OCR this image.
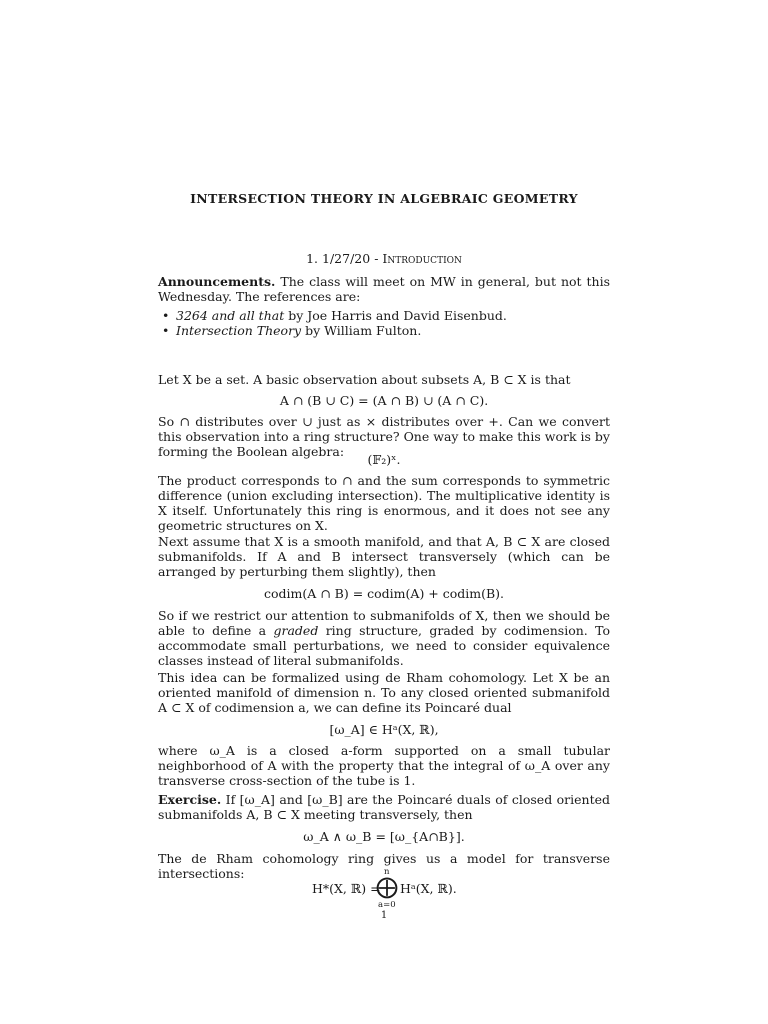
INTERSECTION THEORY IN ALGEBRAIC GEOMETRY
1. 1/27/20 - Introduction
Announcements. The class will meet on MW in general, but not this Wednesday. The references are:
• 3264 and all that by Joe Harris and David Eisenbud.
• Intersection Theory by William Fulton.
Let X be a set. A basic observation about subsets A, B ⊂ X is that
A ∩ (B ∪ C) = (A ∩ B) ∪ (A ∩ C).
So ∩ distributes over ∪ just as × distributes over +. Can we convert this observation into a ring structure? One way to make this work is by forming the Boolean algebra:
(𝔽₂)ˣ.
The product corresponds to ∩ and the sum corresponds to symmetric difference (union excluding intersection). The multiplicative identity is X itself. Unfortunately this ring is enormous, and it does not see any geometric structures on X.
Next assume that X is a smooth manifold, and that A, B ⊂ X are closed submanifolds. If A and B intersect transversely (which can be arranged by perturbing them slightly), then
codim(A ∩ B) = codim(A) + codim(B).
So if we restrict our attention to submanifolds of X, then we should be able to define a graded ring structure, graded by codimension. To accommodate small perturbations, we need to consider equivalence classes instead of literal submanifolds.
This idea can be formalized using de Rham cohomology. Let X be an oriented manifold of dimension n. To any closed oriented submanifold A ⊂ X of codimension a, we can define its Poincaré dual
[ω_A] ∈ Hᵃ(X, ℝ),
where ω_A is a closed a-form supported on a small tubular neighborhood of A with the property that the integral of ω_A over any transverse cross-section of the tube is 1.
Exercise. If [ω_A] and [ω_B] are the Poincaré duals of closed oriented submanifolds A, B ⊂ X meeting transversely, then
ω_A ∧ ω_B = [ω_{A∩B}].
The de Rham cohomology ring gives us a model for transverse intersections:
H*(X, ℝ) =
n
⨁
a=0
Hᵃ(X, ℝ).
1
